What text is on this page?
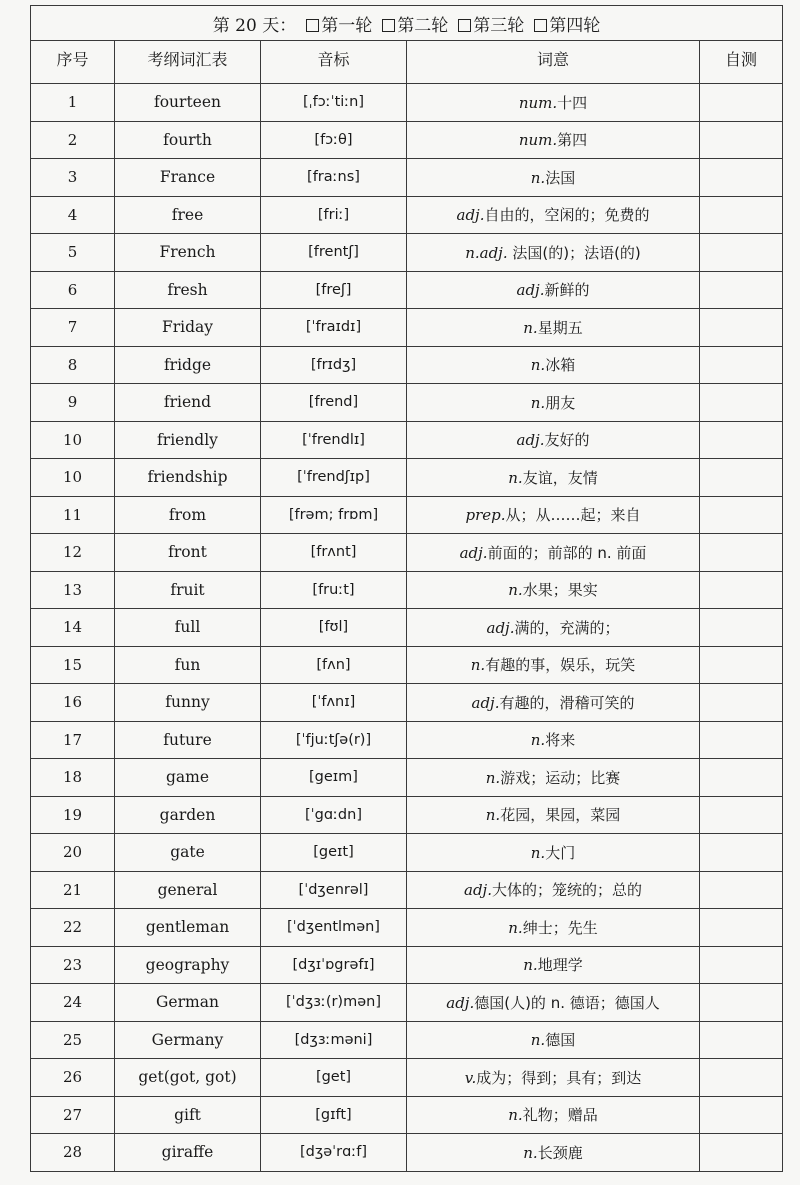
第 20 天： 第一轮 第二轮 第三轮 第四轮				
序号	考纲词汇表	音标	词意	自测
1	fourteen	[ˌfɔːˈtiːn]	num.十四	
2	fourth	[fɔːθ]	num.第四	
3	France	[fraːns]	n.法国	
4	free	[friː]	adj.自由的，空闲的；免费的	
5	French	[frentʃ]	n.adj. 法国(的)；法语(的)	
6	fresh	[freʃ]	adj.新鲜的	
7	Friday	[ˈfraɪdɪ]	n.星期五	
8	fridge	[frɪdʒ]	n.冰箱	
9	friend	[frend]	n.朋友	
10	friendly	[ˈfrendlɪ]	adj.友好的	
10	friendship	[ˈfrendʃɪp]	n.友谊，友情	
11	from	[frəm; frɒm]	prep.从；从……起；来自	
12	front	[frʌnt]	adj.前面的；前部的 n. 前面	
13	fruit	[fruːt]	n.水果；果实	
14	full	[fʊl]	adj.满的，充满的；	
15	fun	[fʌn]	n.有趣的事，娱乐，玩笑	
16	funny	[ˈfʌnɪ]	adj.有趣的，滑稽可笑的	
17	future	[ˈfjuːtʃə(r)]	n.将来	
18	game	[geɪm]	n.游戏；运动；比赛	
19	garden	[ˈgɑːdn]	n.花园，果园，菜园	
20	gate	[geɪt]	n.大门	
21	general	[ˈdʒenrəl]	adj.大体的；笼统的；总的	
22	gentleman	[ˈdʒentlmən]	n.绅士；先生	
23	geography	[dʒɪˈɒgrəfɪ]	n.地理学	
24	German	[ˈdʒɜː(r)mən]	adj.德国(人)的 n. 德语；德国人	
25	Germany	[dʒɜːməni]	n.德国	
26	get(got, got)	[get]	v.成为；得到；具有；到达	
27	gift	[gɪft]	n.礼物；赠品	
28	giraffe	[dʒəˈrɑːf]	n.长颈鹿	
